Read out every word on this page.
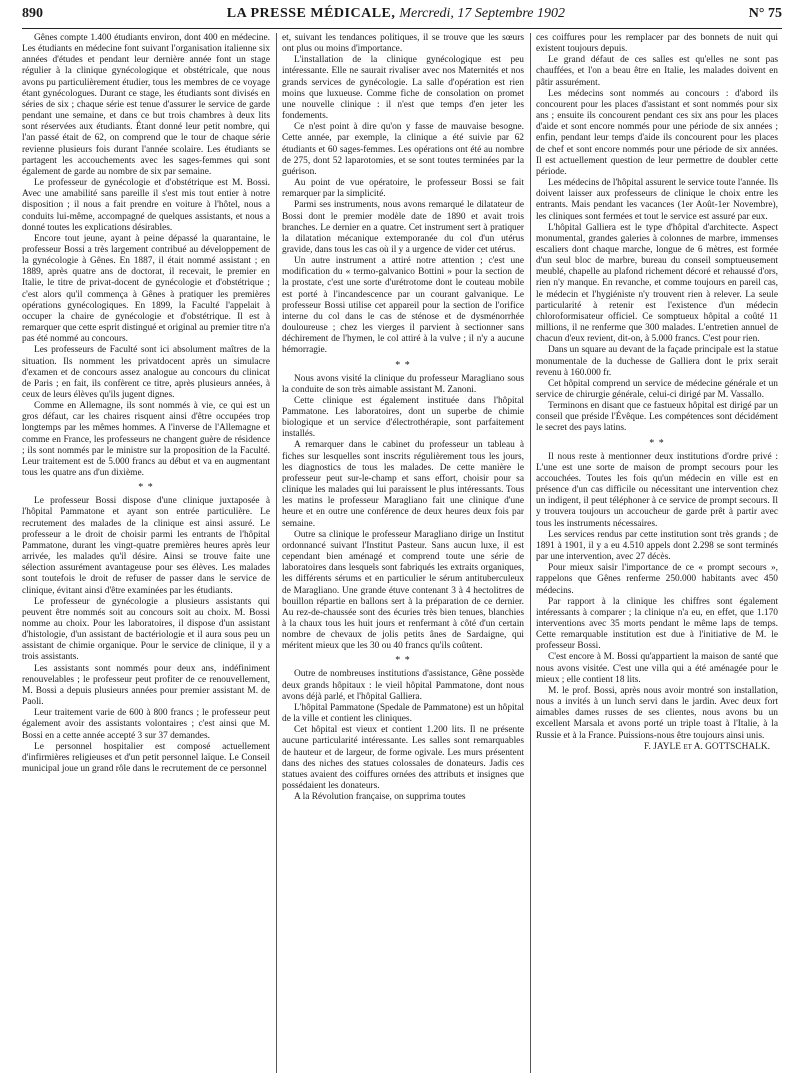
890	LA PRESSE MÉDICALE, Mercredi, 17 Septembre 1902	N° 75

Gênes compte 1.400 étudiants environ, dont 400 en médecine. Les étudiants en médecine font suivant l'organisation italienne six années d'études et pendant leur dernière année font un stage régulier à la clinique gynécologique et obstétricale, que nous avons pu particulièrement étudier, tous les membres de ce voyage étant gynécologues. Durant ce stage, les étudiants sont divisés en séries de six ; chaque série est tenue d'assurer le service de garde pendant une semaine, et dans ce but trois chambres à deux lits sont réservées aux étudiants. Étant donné leur petit nombre, qui l'an passé était de 62, on comprend que le tour de chaque série revienne plusieurs fois durant l'année scolaire. Les étudiants se partagent les accouchements avec les sages-femmes qui sont également de garde au nombre de six par semaine.

Le professeur de gynécologie et d'obstétrique est M. Bossi. Avec une amabilité sans pareille il s'est mis tout entier à notre disposition ; il nous a fait prendre en voiture à l'hôtel, nous a conduits lui-même, accompagné de quelques assistants, et nous a donné toutes les explications désirables.

Encore tout jeune, ayant à peine dépassé la quarantaine, le professeur Bossi a très largement contribué au développement de la gynécologie à Gênes. En 1887, il était nommé assistant ; en 1889, après quatre ans de doctorat, il recevait, le premier en Italie, le titre de privat-docent de gynécologie et d'obstétrique ; c'est alors qu'il commença à Gênes à pratiquer les premières opérations gynécologiques. En 1899, la Faculté l'appelait à occuper la chaire de gynécologie et d'obstétrique. Il est à remarquer que cette esprit distingué et original au premier titre n'a pas été nommé au concours.

Les professeurs de Faculté sont ici absolument maîtres de la situation. Ils nomment les privatdocent après un simulacre d'examen et de concours assez analogue au concours du clinicat de Paris ; en fait, ils confèrent ce titre, après plusieurs années, à ceux de leurs élèves qu'ils jugent dignes.

Comme en Allemagne, ils sont nommés à vie, ce qui est un gros défaut, car les chaires risquent ainsi d'être occupées trop longtemps par les mêmes hommes. A l'inverse de l'Allemagne et comme en France, les professeurs ne changent guère de résidence ; ils sont nommés par le ministre sur la proposition de la Faculté. Leur traitement est de 5.000 francs au début et va en augmentant tous les quatre ans d'un dixième.

* *

Le professeur Bossi dispose d'une clinique juxtaposée à l'hôpital Pammatone et ayant son entrée particulière. Le recrutement des malades de la clinique est ainsi assuré. Le professeur a le droit de choisir parmi les entrants de l'hôpital Pammatone, durant les vingt-quatre premières heures après leur arrivée, les malades qu'il désire. Ainsi se trouve faite une sélection assurément avantageuse pour ses élèves. Les malades sont toutefois le droit de refuser de passer dans le service de clinique, évitant ainsi d'être examinées par les étudiants.

Le professeur de gynécologie a plusieurs assistants qui peuvent être nommés soit au concours soit au choix. M. Bossi nomme au choix. Pour les laboratoires, il dispose d'un assistant d'histologie, d'un assistant de bactériologie et il aura sous peu un assistant de chimie organique. Pour le service de clinique, il y a trois assistants.

Les assistants sont nommés pour deux ans, indéfiniment renouvelables ; le professeur peut profiter de ce renouvellement, M. Bossi a depuis plusieurs années pour premier assistant M. de Paoli.

Leur traitement varie de 600 à 800 francs ; le professeur peut également avoir des assistants volontaires ; c'est ainsi que M. Bossi en a cette année accepté 3 sur 37 demandes.

Le personnel hospitalier est composé actuellement d'infirmières religieuses et d'un petit personnel laïque. Le Conseil municipal joue un grand rôle dans le recrutement de ce personnel

et, suivant les tendances politiques, il se trouve que les sœurs ont plus ou moins d'importance.

L'installation de la clinique gynécologique est peu intéressante. Elle ne saurait rivaliser avec nos Maternités et nos grands services de gynécologie. La salle d'opération est rien moins que luxueuse. Comme fiche de consolation on promet une nouvelle clinique : il n'est que temps d'en jeter les fondements.

Ce n'est point à dire qu'on y fasse de mauvaise besogne. Cette année, par exemple, la clinique a été suivie par 62 étudiants et 60 sages-femmes. Les opérations ont été au nombre de 275, dont 52 laparotomies, et se sont toutes terminées par la guérison.

Au point de vue opératoire, le professeur Bossi se fait remarquer par la simplicité.

Parmi ses instruments, nous avons remarqué le dilatateur de Bossi dont le premier modèle date de 1890 et avait trois branches. Le dernier en a quatre. Cet instrument sert à pratiquer la dilatation mécanique extemporanée du col d'un utérus gravide, dans tous les cas où il y a urgence de vider cet utérus.

Un autre instrument a attiré notre attention ; c'est une modification du « termo-galvanico Bottini » pour la section de la prostate, c'est une sorte d'urétrotome dont le couteau mobile est porté à l'incandescence par un courant galvanique. Le professeur Bossi utilise cet appareil pour la section de l'orifice interne du col dans le cas de sténose et de dysménorrhée douloureuse ; chez les vierges il parvient à sectionner sans déchirement de l'hymen, le col attiré à la vulve ; il n'y a aucune hémorragie.

* *

Nous avons visité la clinique du professeur Maragliano sous la conduite de son très aimable assistant M. Zanoni.

Cette clinique est également instituée dans l'hôpital Pammatone. Les laboratoires, dont un superbe de chimie biologique et un service d'électrothérapie, sont parfaitement installés.

A remarquer dans le cabinet du professeur un tableau à fiches sur lesquelles sont inscrits régulièrement tous les jours, les diagnostics de tous les malades. De cette manière le professeur peut sur-le-champ et sans effort, choisir pour sa clinique les malades qui lui paraissent le plus intéressants. Tous les matins le professeur Maragliano fait une clinique d'une heure et en outre une conférence de deux heures deux fois par semaine.

Outre sa clinique le professeur Maragliano dirige un Institut ordonnancé suivant l'Institut Pasteur. Sans aucun luxe, il est cependant bien aménagé et comprend toute une série de laboratoires dans lesquels sont fabriqués les extraits organiques, les différents sérums et en particulier le sérum antituberculeux de Maragliano. Une grande étuve contenant 3 à 4 hectolitres de bouillon répartie en ballons sert à la préparation de ce dernier. Au rez-de-chaussée sont des écuries très bien tenues, blanchies à la chaux tous les huit jours et renfermant à côté d'un certain nombre de chevaux de jolis petits ânes de Sardaigne, qui méritent mieux que les 30 ou 40 francs qu'ils coûtent.

* *

Outre de nombreuses institutions d'assistance, Gêne possède deux grands hôpitaux : le vieil hôpital Pammatone, dont nous avons déjà parlé, et l'hôpital Galliera.

L'hôpital Pammatone (Spedale de Pammatone) est un hôpital de la ville et contient les cliniques.

Cet hôpital est vieux et contient 1.200 lits. Il ne présente aucune particularité intéressante. Les salles sont remarquables de hauteur et de largeur, de forme ogivale. Les murs présentent dans des niches des statues colossales de donateurs. Jadis ces statues avaient des coiffures ornées des attributs et insignes que possédaient les donateurs.

A la Révolution française, on supprima toutes

ces coiffures pour les remplacer par des bonnets de nuit qui existent toujours depuis.

Le grand défaut de ces salles est qu'elles ne sont pas chauffées, et l'on a beau être en Italie, les malades doivent en pâtir assurément.

Les médecins sont nommés au concours : d'abord ils concourent pour les places d'assistant et sont nommés pour six ans ; ensuite ils concourent pendant ces six ans pour les places d'aide et sont encore nommés pour une période de six années ; enfin, pendant leur temps d'aide ils concourent pour les places de chef et sont encore nommés pour une période de six années. Il est actuellement question de leur permettre de doubler cette période.

Les médecins de l'hôpital assurent le service toute l'année. Ils doivent laisser aux professeurs de clinique le choix entre les entrants. Mais pendant les vacances (1er Août-1er Novembre), les cliniques sont fermées et tout le service est assuré par eux.

L'hôpital Galliera est le type d'hôpital d'architecte. Aspect monumental, grandes galeries à colonnes de marbre, immenses escaliers dont chaque marche, longue de 6 mètres, est formée d'un seul bloc de marbre, bureau du conseil somptueusement meublé, chapelle au plafond richement décoré et rehaussé d'ors, rien n'y manque. En revanche, et comme toujours en pareil cas, le médecin et l'hygiéniste n'y trouvent rien à relever. La seule particularité à retenir est l'existence d'un médecin chloroformisateur officiel. Ce somptueux hôpital a coûté 11 millions, il ne renferme que 300 malades. L'entretien annuel de chacun d'eux revient, dit-on, à 5.000 francs. C'est pour rien.

Dans un square au devant de la façade principale est la statue monumentale de la duchesse de Galliera dont le prix serait revenu à 160.000 fr.

Cet hôpital comprend un service de médecine générale et un service de chirurgie générale, celui-ci dirigé par M. Vassallo.

Terminons en disant que ce fastueux hôpital est dirigé par un conseil que préside l'Évêque. Les compétences sont décidément le secret des pays latins.

* *

Il nous reste à mentionner deux institutions d'ordre privé : L'une est une sorte de maison de prompt secours pour les accouchées. Toutes les fois qu'un médecin en ville est en présence d'un cas difficile ou nécessitant une intervention chez un indigent, il peut téléphoner à ce service de prompt secours. Il y trouvera toujours un accoucheur de garde prêt à partir avec tous les instruments nécessaires.

Les services rendus par cette institution sont très grands ; de 1891 à 1901, il y a eu 4.510 appels dont 2.298 se sont terminés par une intervention, avec 27 décès.

Pour mieux saisir l'importance de ce « prompt secours », rappelons que Gênes renferme 250.000 habitants avec 450 médecins.

Par rapport à la clinique les chiffres sont également intéressants à comparer ; la clinique n'a eu, en effet, que 1.170 interventions avec 35 morts pendant le même laps de temps. Cette remarquable institution est due à l'initiative de M. le professeur Bossi.

C'est encore à M. Bossi qu'appartient la maison de santé que nous avons visitée. C'est une villa qui a été aménagée pour le mieux ; elle contient 18 lits.

M. le prof. Bossi, après nous avoir montré son installation, nous a invités à un lunch servi dans le jardin. Avec deux fort aimables dames russes de ses clientes, nous avons bu un excellent Marsala et avons porté un triple toast à l'Italie, à la Russie et à la France. Puissions-nous être toujours ainsi unis.

F. JAYLE et A. GOTTSCHALK.
